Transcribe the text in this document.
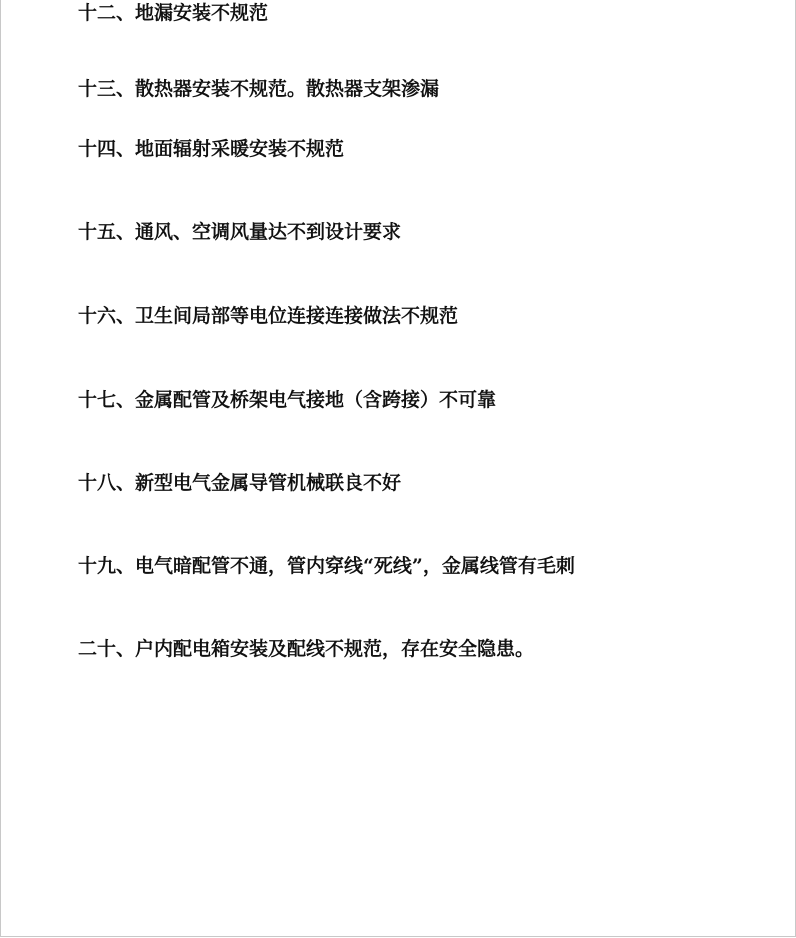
十二、地漏安装不规范

十三、散热器安装不规范。散热器支架渗漏

十四、地面辐射采暖安装不规范

十五、通风、空调风量达不到设计要求

十六、卫生间局部等电位连接连接做法不规范

十七、金属配管及桥架电气接地（含跨接）不可靠

十八、新型电气金属导管机械联良不好

十九、电气暗配管不通，管内穿线“死线”，金属线管有毛刺

二十、户内配电箱安装及配线不规范，存在安全隐患。
